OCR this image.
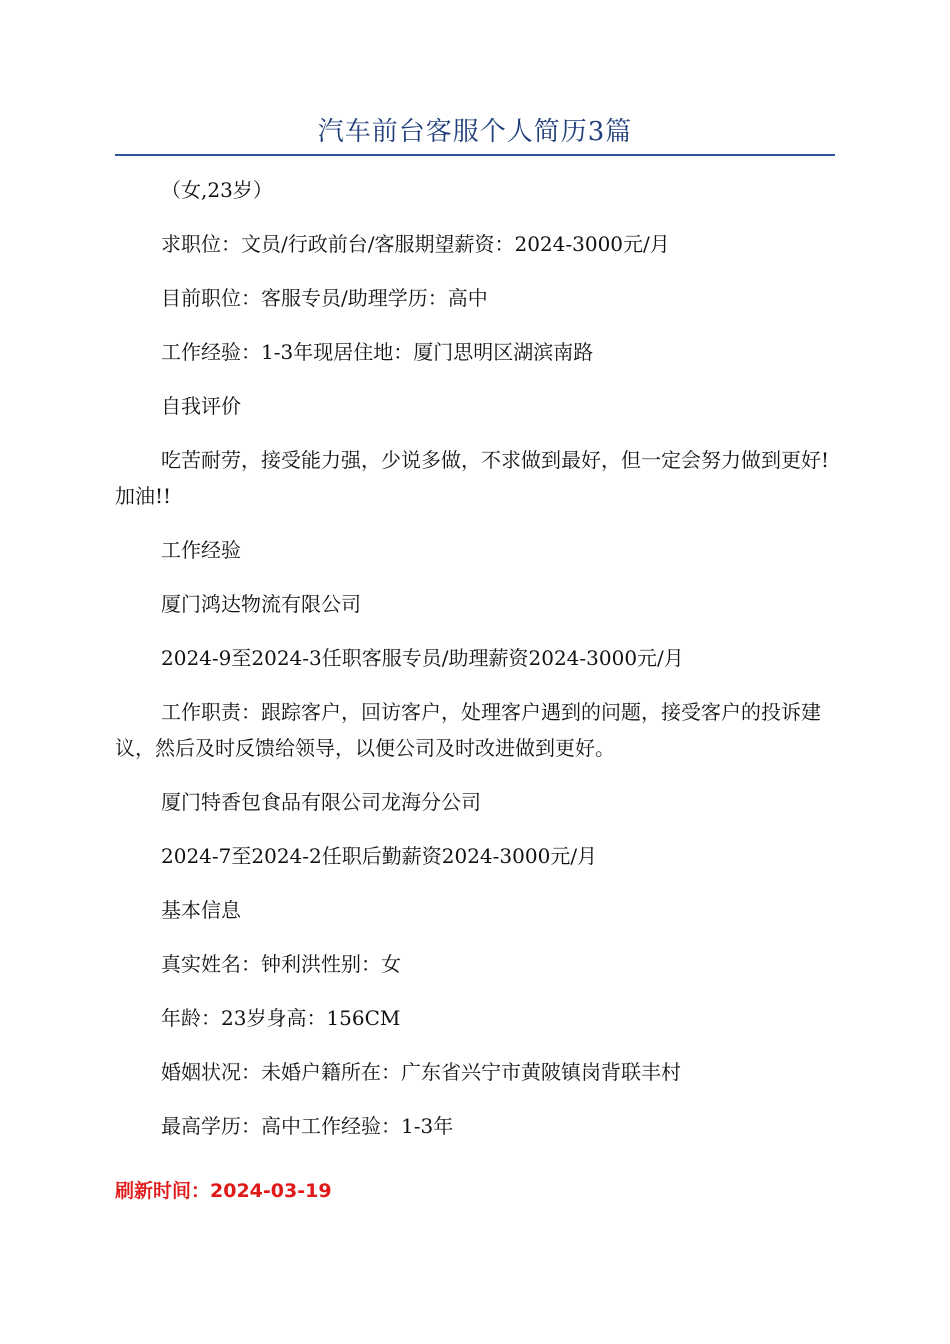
汽车前台客服个人简历3篇

（女,23岁）

求职位：文员/行政前台/客服期望薪资：2024-3000元/月

目前职位：客服专员/助理学历：高中

工作经验：1-3年现居住地：厦门思明区湖滨南路

自我评价

吃苦耐劳，接受能力强，少说多做，不求做到最好，但一定会努力做到更好!加油!!

工作经验

厦门鸿达物流有限公司

2024-9至2024-3任职客服专员/助理薪资2024-3000元/月

工作职责：跟踪客户，回访客户，处理客户遇到的问题，接受客户的投诉建议，然后及时反馈给领导，以便公司及时改进做到更好。

厦门特香包食品有限公司龙海分公司

2024-7至2024-2任职后勤薪资2024-3000元/月

基本信息

真实姓名：钟利洪性别：女

年龄：23岁身高：156CM

婚姻状况：未婚户籍所在：广东省兴宁市黄陂镇岗背联丰村

最高学历：高中工作经验：1-3年

刷新时间：2024-03-19
